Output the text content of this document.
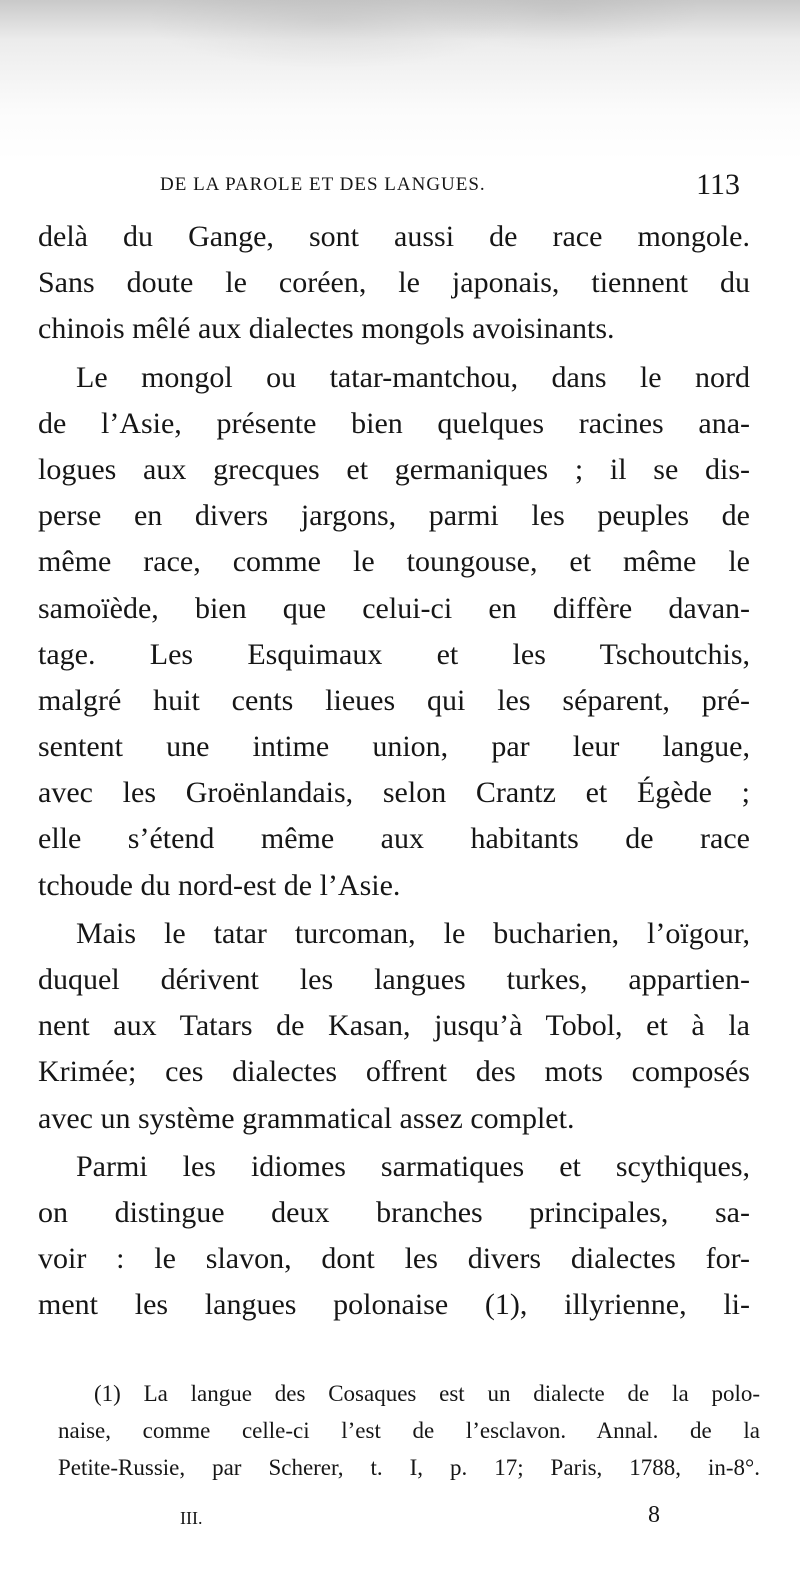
DE LA PAROLE ET DES LANGUES.	113
delà du Gange, sont aussi de race mongole.
Sans doute le coréen, le japonais, tiennent du
chinois mêlé aux dialectes mongols avoisinants.
Le mongol ou tatar-mantchou, dans le nord
de l’Asie, présente bien quelques racines ana-
logues aux grecques et germaniques ; il se dis-
perse en divers jargons, parmi les peuples de
même race, comme le toungouse, et même le
samoïède, bien que celui-ci en diffère davan-
tage. Les Esquimaux et les Tschoutchis,
malgré huit cents lieues qui les séparent, pré-
sentent une intime union, par leur langue,
avec les Groënlandais, selon Crantz et Égède ;
elle s’étend même aux habitants de race
tchoude du nord-est de l’Asie.
Mais le tatar turcoman, le bucharien, l’oïgour,
duquel dérivent les langues turkes, appartien-
nent aux Tatars de Kasan, jusqu’à Tobol, et à la
Krimée; ces dialectes offrent des mots composés
avec un système grammatical assez complet.
Parmi les idiomes sarmatiques et scythiques,
on distingue deux branches principales, sa-
voir : le slavon, dont les divers dialectes for-
ment les langues polonaise (1), illyrienne, li-
(1) La langue des Cosaques est un dialecte de la polo-
naise, comme celle-ci l’est de l’esclavon. Annal. de la
Petite-Russie, par Scherer, t. I, p. 17; Paris, 1788, in-8°.
III.	8
